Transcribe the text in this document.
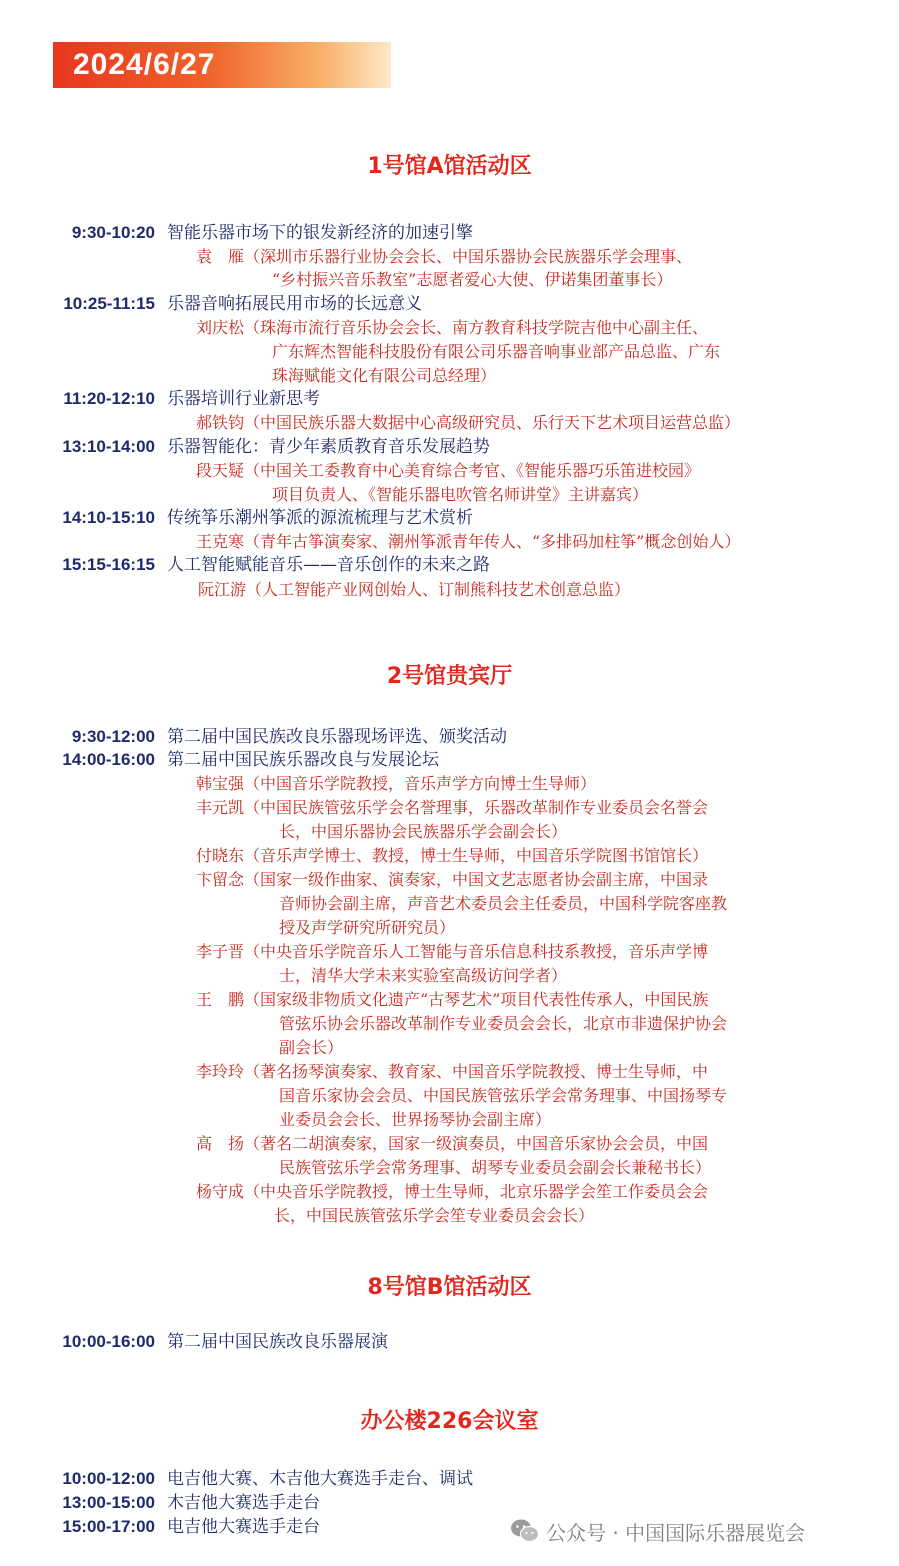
2024/6/27
1号馆A馆活动区
9:30-10:20 智能乐器市场下的银发新经济的加速引擎
袁　雁（深圳市乐器行业协会会长、中国乐器协会民族器乐学会理事、
“乡村振兴音乐教室”志愿者爱心大使、伊诺集团董事长）
10:25-11:15 乐器音响拓展民用市场的长远意义
刘庆松（珠海市流行音乐协会会长、南方教育科技学院吉他中心副主任、
广东辉杰智能科技股份有限公司乐器音响事业部产品总监、广东
珠海赋能文化有限公司总经理）
11:20-12:10 乐器培训行业新思考
郝铁钧（中国民族乐器大数据中心高级研究员、乐行天下艺术项目运营总监）
13:10-14:00 乐器智能化：青少年素质教育音乐发展趋势
段天疑（中国关工委教育中心美育综合考官、《智能乐器巧乐笛进校园》
项目负责人、《智能乐器电吹管名师讲堂》主讲嘉宾）
14:10-15:10 传统筝乐潮州筝派的源流梳理与艺术赏析
王克寒（青年古筝演奏家、潮州筝派青年传人、“多排码加柱筝”概念创始人）
15:15-16:15 人工智能赋能音乐——音乐创作的未来之路
阮江游（人工智能产业网创始人、订制熊科技艺术创意总监）
2号馆贵宾厅
9:30-12:00 第二届中国民族改良乐器现场评选、颁奖活动
14:00-16:00 第二届中国民族乐器改良与发展论坛
韩宝强（中国音乐学院教授，音乐声学方向博士生导师）
丰元凯（中国民族管弦乐学会名誉理事，乐器改革制作专业委员会名誉会
长，中国乐器协会民族器乐学会副会长）
付晓东（音乐声学博士、教授，博士生导师，中国音乐学院图书馆馆长）
卞留念（国家一级作曲家、演奏家，中国文艺志愿者协会副主席，中国录
音师协会副主席，声音艺术委员会主任委员，中国科学院客座教
授及声学研究所研究员）
李子晋（中央音乐学院音乐人工智能与音乐信息科技系教授，音乐声学博
士，清华大学未来实验室高级访问学者）
王　鹏（国家级非物质文化遗产“古琴艺术”项目代表性传承人，中国民族
管弦乐协会乐器改革制作专业委员会会长，北京市非遗保护协会
副会长）
李玲玲（著名扬琴演奏家、教育家、中国音乐学院教授、博士生导师，中
国音乐家协会会员、中国民族管弦乐学会常务理事、中国扬琴专
业委员会会长、世界扬琴协会副主席）
高　扬（著名二胡演奏家，国家一级演奏员，中国音乐家协会会员，中国
民族管弦乐学会常务理事、胡琴专业委员会副会长兼秘书长）
杨守成（中央音乐学院教授，博士生导师，北京乐器学会笙工作委员会会
长，中国民族管弦乐学会笙专业委员会会长）
8号馆B馆活动区
10:00-16:00 第二届中国民族改良乐器展演
办公楼226会议室
10:00-12:00 电吉他大赛、木吉他大赛选手走台、调试
13:00-15:00 木吉他大赛选手走台
15:00-17:00 电吉他大赛选手走台	公众号 · 中国国际乐器展览会
